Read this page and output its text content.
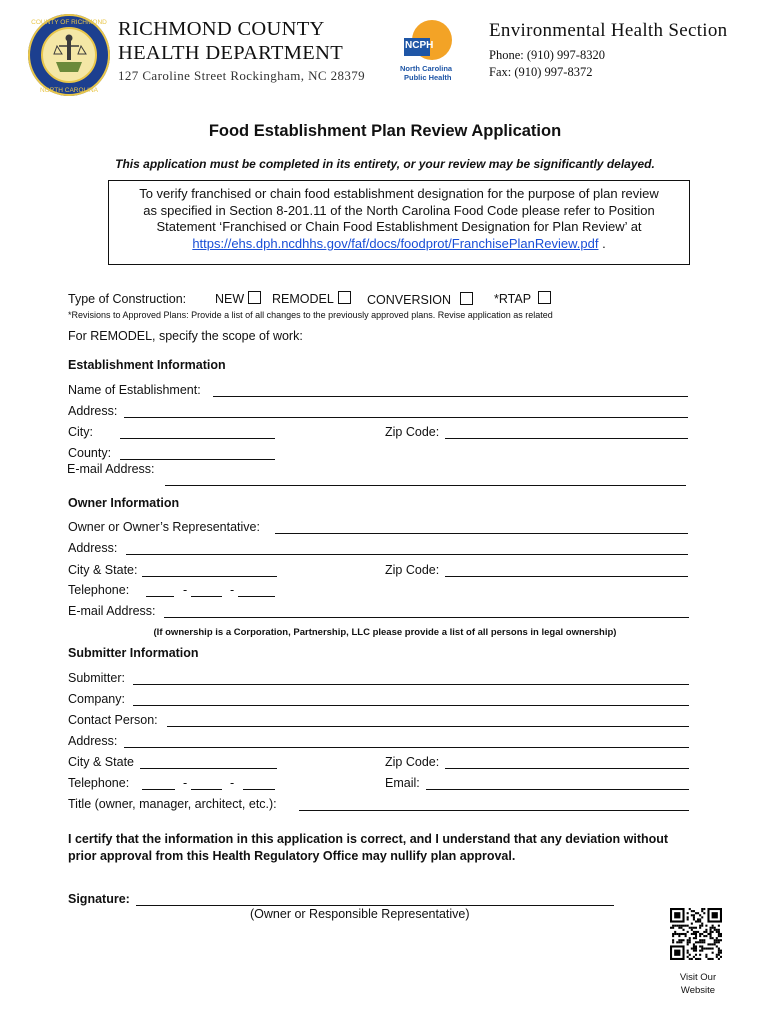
COUNTY OF RICHMOND
NORTH CAROLINA
RICHMOND COUNTY
HEALTH DEPARTMENT
127 Caroline Street Rockingham, NC 28379
NCPH
North Carolina
Public Health
Environmental Health Section
Phone: (910) 997-8320
Fax: (910) 997-8372
Food Establishment Plan Review Application
This application must be completed in its entirety, or your review may be significantly delayed.
To verify franchised or chain food establishment designation for the purpose of plan review
as specified in Section 8-201.11 of the North Carolina Food Code please refer to Position
Statement ‘Franchised or Chain Food Establishment Designation for Plan Review’ at
https://ehs.dph.ncdhhs.gov/faf/docs/foodprot/FranchisePlanReview.pdf .
Type of Construction: NEW	REMODEL	CONVERSION	*RTAP
*Revisions to Approved Plans: Provide a list of all changes to the previously approved plans. Revise application as related
For REMODEL, specify the scope of work:
Establishment Information
Name of Establishment:
Address:
City:	Zip Code:
County:
E-mail Address:
Owner Information
Owner or Owner’s Representative:
Address:
City & State:	Zip Code:
Telephone:	-	-
E-mail Address:
(If ownership is a Corporation, Partnership, LLC please provide a list of all persons in legal ownership)
Submitter Information
Submitter:
Company:
Contact Person:
Address:
City & State	Zip Code:
Telephone:	-	-	Email:
Title (owner, manager, architect, etc.):
I certify that the information in this application is correct, and I understand that any deviation without
prior approval from this Health Regulatory Office may nullify plan approval.
Signature:
(Owner or Responsible Representative)
Visit Our
Website
